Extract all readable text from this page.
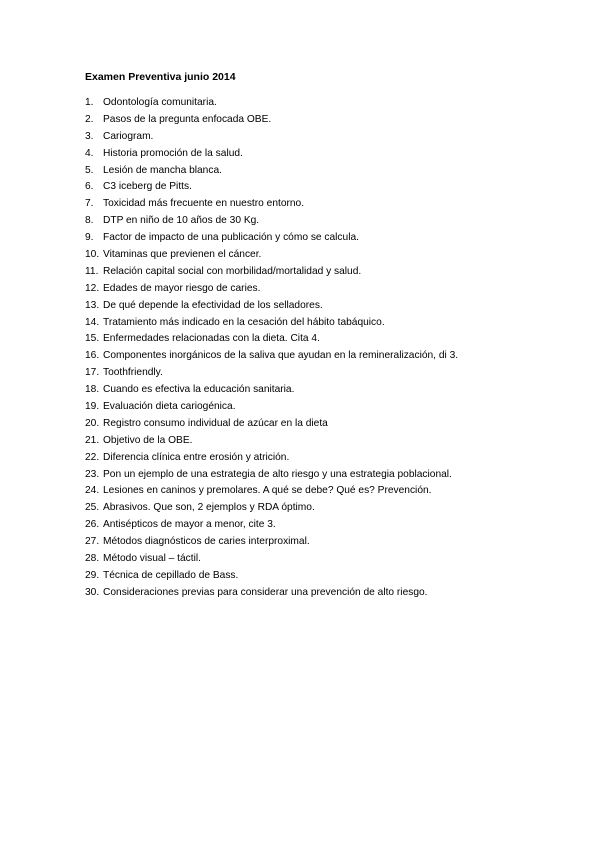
Examen Preventiva junio 2014
1. Odontología comunitaria.
2. Pasos de la pregunta enfocada OBE.
3. Cariogram.
4. Historia promoción de la salud.
5. Lesión de mancha blanca.
6. C3 iceberg de Pitts.
7. Toxicidad más frecuente en nuestro entorno.
8. DTP en niño de 10 años de 30 Kg.
9. Factor de impacto de una publicación y cómo se calcula.
10. Vitaminas que previenen el cáncer.
11. Relación capital social con morbilidad/mortalidad y salud.
12. Edades de mayor riesgo de caries.
13. De qué depende la efectividad de los selladores.
14. Tratamiento más indicado en la cesación del hábito tabáquico.
15. Enfermedades relacionadas con la dieta. Cita 4.
16. Componentes inorgánicos de la saliva que ayudan en la remineralización, di 3.
17. Toothfriendly.
18. Cuando es efectiva la educación sanitaria.
19. Evaluación dieta cariogénica.
20. Registro consumo individual de azúcar en la dieta
21. Objetivo de la OBE.
22. Diferencia clínica entre erosión y atrición.
23. Pon un ejemplo de una estrategia de alto riesgo y una estrategia poblacional.
24. Lesiones en caninos y premolares. A qué se debe? Qué es? Prevención.
25. Abrasivos. Que son, 2 ejemplos y RDA óptimo.
26. Antisépticos de mayor a menor, cite 3.
27. Métodos diagnósticos de caries interproximal.
28. Método visual – táctil.
29. Técnica de cepillado de Bass.
30. Consideraciones previas para considerar una prevención de alto riesgo.
